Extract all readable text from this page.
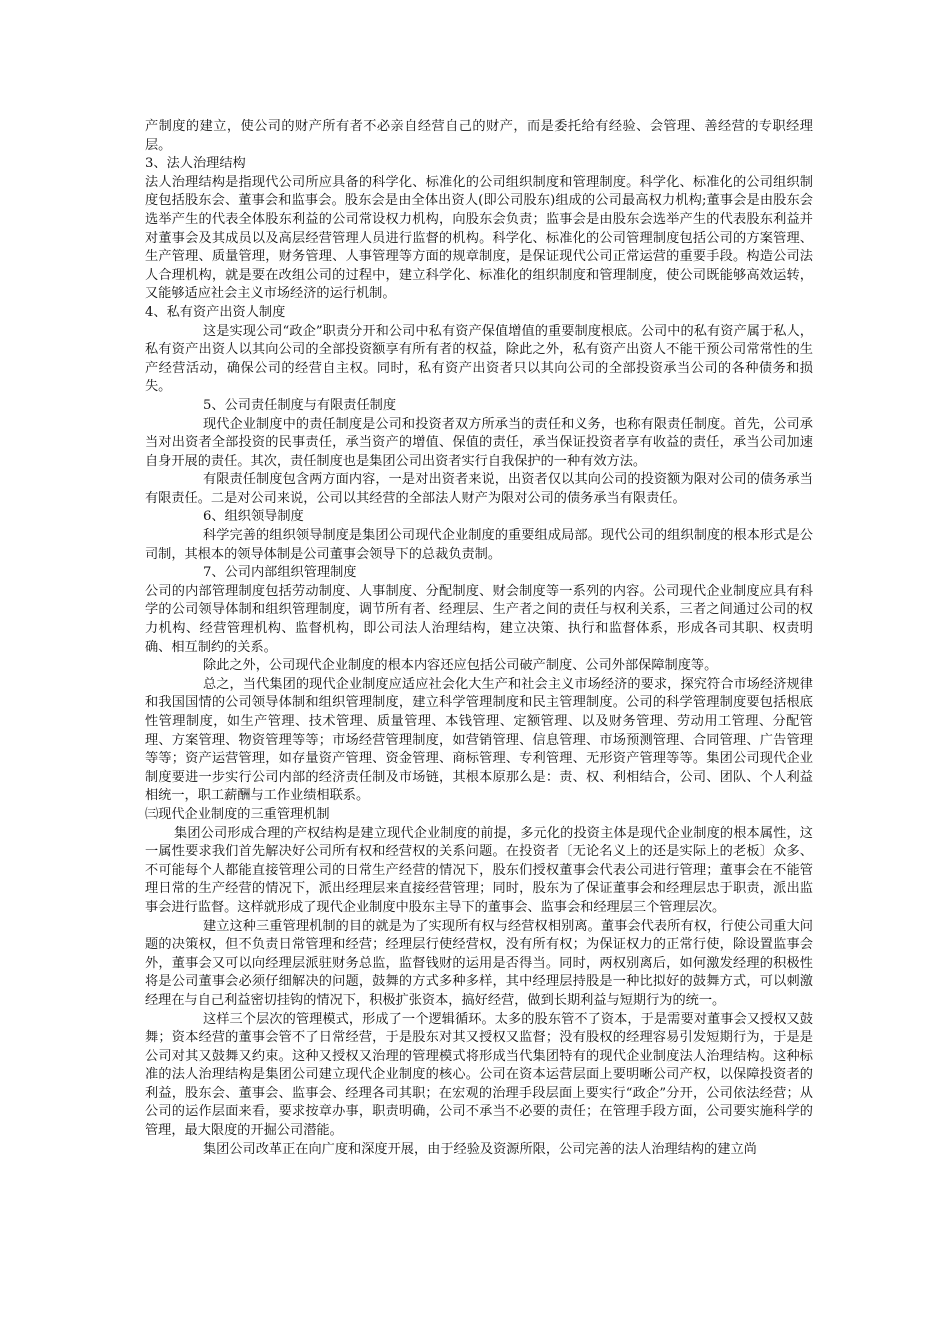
产制度的建立，使公司的财产所有者不必亲自经营自己的财产，而是委托给有经验、会管理、善经营的专职经理层。

3、法人治理结构

法人治理结构是指现代公司所应具备的科学化、标准化的公司组织制度和管理制度。科学化、标准化的公司组织制度包括股东会、董事会和监事会。股东会是由全体出资人(即公司股东)组成的公司最高权力机构;董事会是由股东会选举产生的代表全体股东利益的公司常设权力机构，向股东会负责；监事会是由股东会选举产生的代表股东利益并对董事会及其成员以及高层经营管理人员进行监督的机构。科学化、标准化的公司管理制度包括公司的方案管理、生产管理、质量管理，财务管理、人事管理等方面的规章制度，是保证现代公司正常运营的重要手段。构造公司法人合理机构，就是要在改组公司的过程中，建立科学化、标准化的组织制度和管理制度，使公司既能够高效运转，又能够适应社会主义市场经济的运行机制。

4、私有资产出资人制度

这是实现公司“政企”职责分开和公司中私有资产保值增值的重要制度根底。公司中的私有资产属于私人，私有资产出资人以其向公司的全部投资额享有所有者的权益，除此之外，私有资产出资人不能干预公司常常性的生产经营活动，确保公司的经营自主权。同时，私有资产出资者只以其向公司的全部投资承当公司的各种债务和损失。

5、公司责任制度与有限责任制度

现代企业制度中的责任制度是公司和投资者双方所承当的责任和义务，也称有限责任制度。首先，公司承当对出资者全部投资的民事责任，承当资产的增值、保值的责任，承当保证投资者享有收益的责任，承当公司加速自身开展的责任。其次，责任制度也是集团公司出资者实行自我保护的一种有效方法。

有限责任制度包含两方面内容，一是对出资者来说，出资者仅以其向公司的投资额为限对公司的债务承当有限责任。二是对公司来说，公司以其经营的全部法人财产为限对公司的债务承当有限责任。

6、组织领导制度

科学完善的组织领导制度是集团公司现代企业制度的重要组成局部。现代公司的组织制度的根本形式是公司制，其根本的领导体制是公司董事会领导下的总裁负责制。

7、公司内部组织管理制度

公司的内部管理制度包括劳动制度、人事制度、分配制度、财会制度等一系列的内容。公司现代企业制度应具有科学的公司领导体制和组织管理制度，调节所有者、经理层、生产者之间的责任与权利关系，三者之间通过公司的权力机构、经营管理机构、监督机构，即公司法人治理结构，建立决策、执行和监督体系，形成各司其职、权责明确、相互制约的关系。

除此之外，公司现代企业制度的根本内容还应包括公司破产制度、公司外部保障制度等。

总之，当代集团的现代企业制度应适应社会化大生产和社会主义市场经济的要求，探究符合市场经济规律和我国国情的公司领导体制和组织管理制度，建立科学管理制度和民主管理制度。公司的科学管理制度要包括根底性管理制度，如生产管理、技术管理、质量管理、本钱管理、定额管理、以及财务管理、劳动用工管理、分配管理、方案管理、物资管理等等；市场经营管理制度，如营销管理、信息管理、市场预测管理、合同管理、广告管理等等；资产运营管理，如存量资产管理、资金管理、商标管理、专利管理、无形资产管理等等。集团公司现代企业制度要进一步实行公司内部的经济责任制及市场链，其根本原那么是：责、权、利相结合，公司、团队、个人利益相统一，职工薪酬与工作业绩相联系。

㈢现代企业制度的三重管理机制

集团公司形成合理的产权结构是建立现代企业制度的前提，多元化的投资主体是现代企业制度的根本属性，这一属性要求我们首先解决好公司所有权和经营权的关系问题。在投资者〔无论名义上的还是实际上的老板〕众多、不可能每个人都能直接管理公司的日常生产经营的情况下，股东们授权董事会代表公司进行管理；董事会在不能管理日常的生产经营的情况下，派出经理层来直接经营管理；同时，股东为了保证董事会和经理层忠于职责，派出监事会进行监督。这样就形成了现代企业制度中股东主导下的董事会、监事会和经理层三个管理层次。

建立这种三重管理机制的目的就是为了实现所有权与经营权相别离。董事会代表所有权，行使公司重大问题的决策权，但不负责日常管理和经营；经理层行使经营权，没有所有权；为保证权力的正常行使，除设置监事会外，董事会又可以向经理层派驻财务总监，监督钱财的运用是否得当。同时，两权别离后，如何激发经理的积极性将是公司董事会必须仔细解决的问题，鼓舞的方式多种多样，其中经理层持股是一种比拟好的鼓舞方式，可以刺激经理在与自己利益密切挂钩的情况下，积极扩张资本，搞好经营，做到长期利益与短期行为的统一。

这样三个层次的管理模式，形成了一个逻辑循环。太多的股东管不了资本，于是需要对董事会又授权又鼓舞；资本经营的董事会管不了日常经营，于是股东对其又授权又监督；没有股权的经理容易引发短期行为，于是是公司对其又鼓舞又约束。这种又授权又治理的管理模式将形成当代集团特有的现代企业制度法人治理结构。这种标准的法人治理结构是集团公司建立现代企业制度的核心。公司在资本运营层面上要明晰公司产权，以保障投资者的利益，股东会、董事会、监事会、经理各司其职；在宏观的治理手段层面上要实行“政企”分开，公司依法经营；从公司的运作层面来看，要求按章办事，职责明确，公司不承当不必要的责任；在管理手段方面，公司要实施科学的管理，最大限度的开掘公司潜能。

集团公司改革正在向广度和深度开展，由于经验及资源所限，公司完善的法人治理结构的建立尚
